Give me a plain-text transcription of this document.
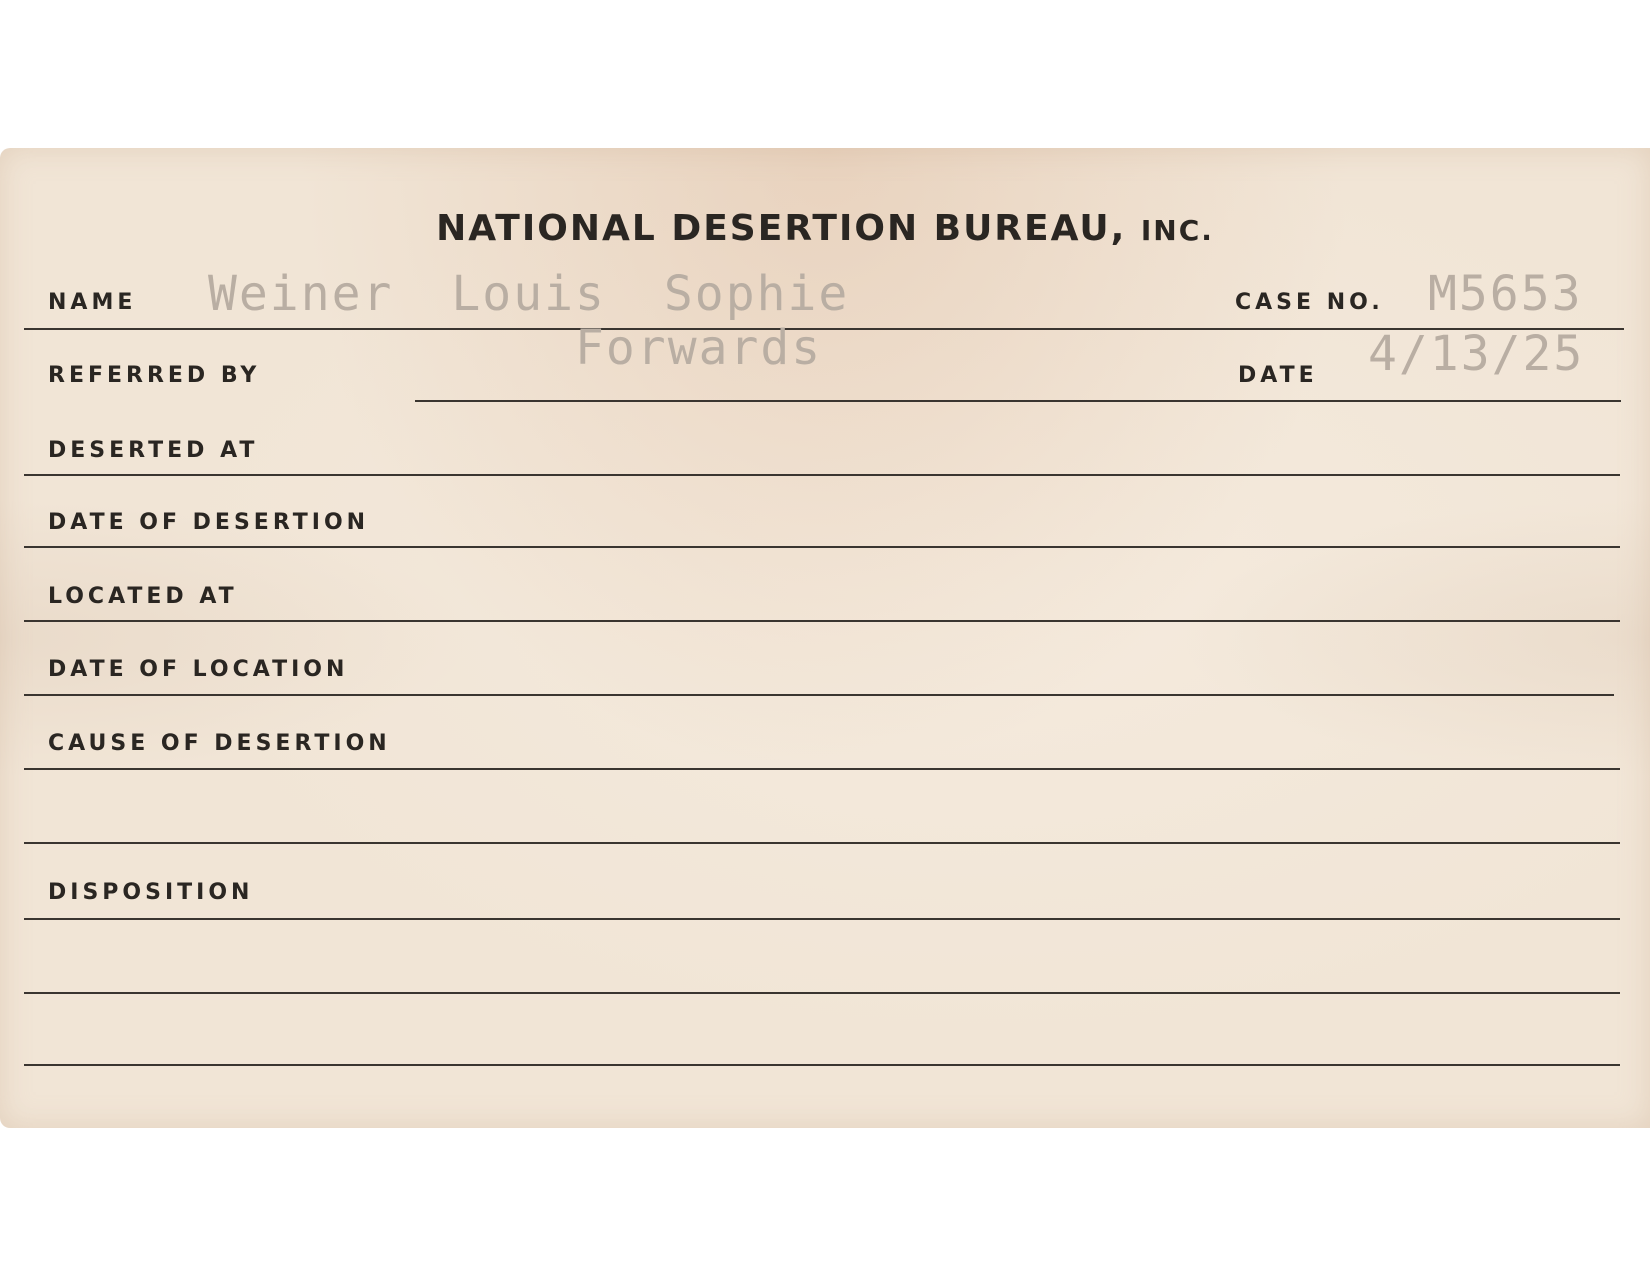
NATIONAL DESERTION BUREAU, INC.
NAME Weiner Louis Sophie	CASE NO. M5653
REFERRED BY	Forwards	DATE 4/13/25
DESERTED AT
DATE OF DESERTION
LOCATED AT
DATE OF LOCATION
CAUSE OF DESERTION
DISPOSITION
